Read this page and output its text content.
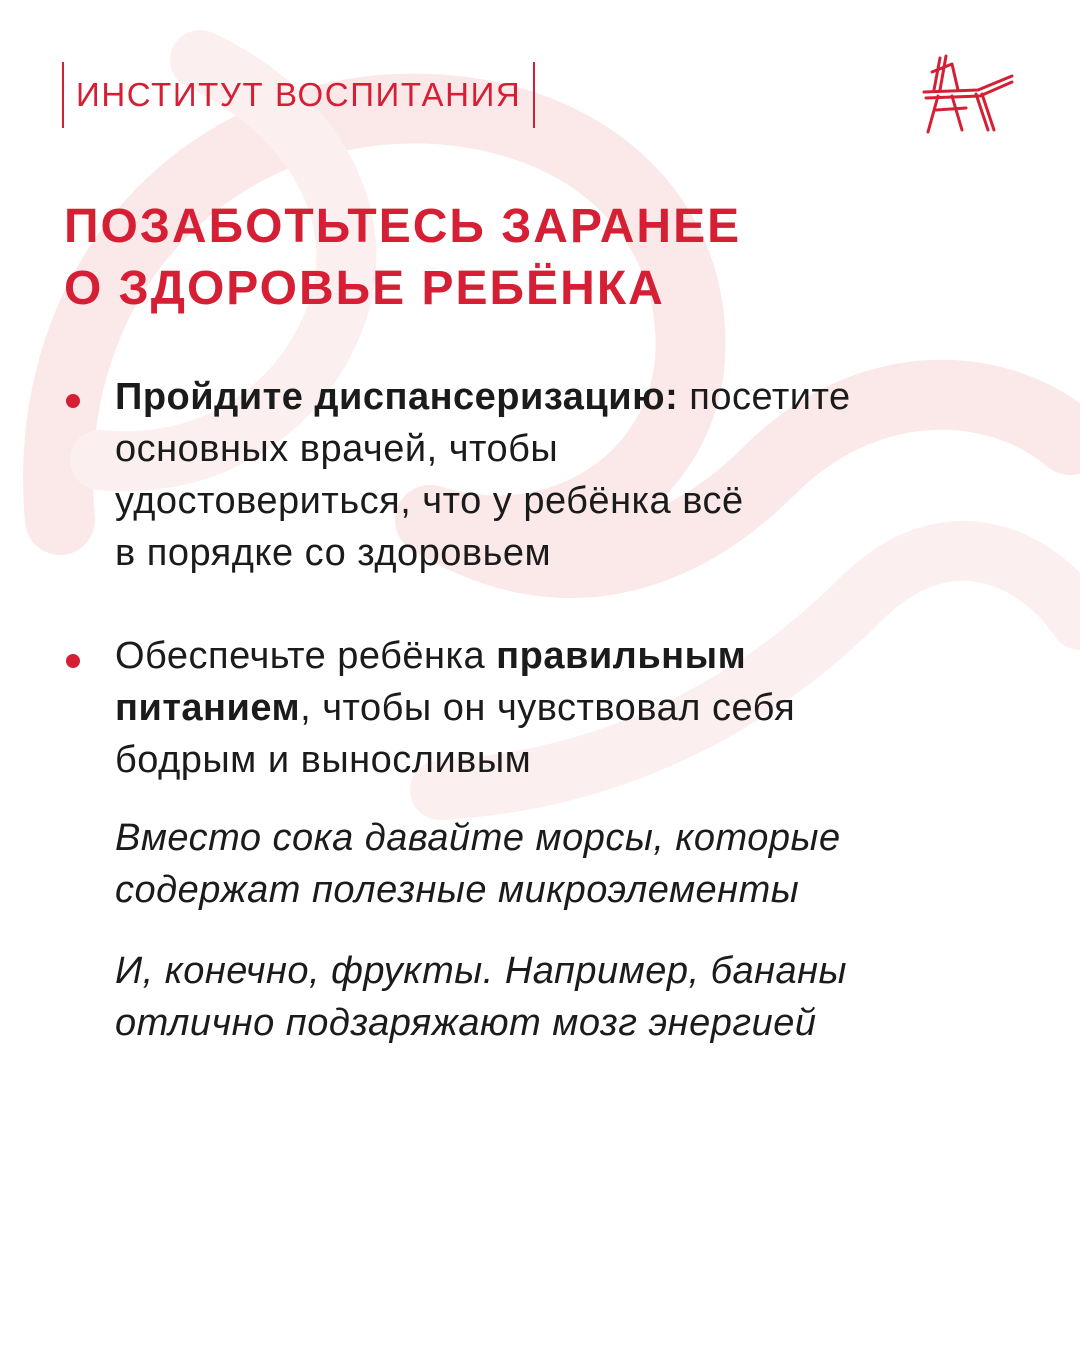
ИНСТИТУТ ВОСПИТАНИЯ
ПОЗАБОТЬТЕСЬ ЗАРАНЕЕ
О ЗДОРОВЬЕ РЕБЁНКА

Пройдите диспансеризацию: посетите
основных врачей, чтобы
удостовериться, что у ребёнка всё
в порядке со здоровьем

Обеспечьте ребёнка правильным
питанием, чтобы он чувствовал себя
бодрым и выносливым

Вместо сока давайте морсы, которые
содержат полезные микроэлементы

И, конечно, фрукты. Например, бананы
отлично подзаряжают мозг энергией
